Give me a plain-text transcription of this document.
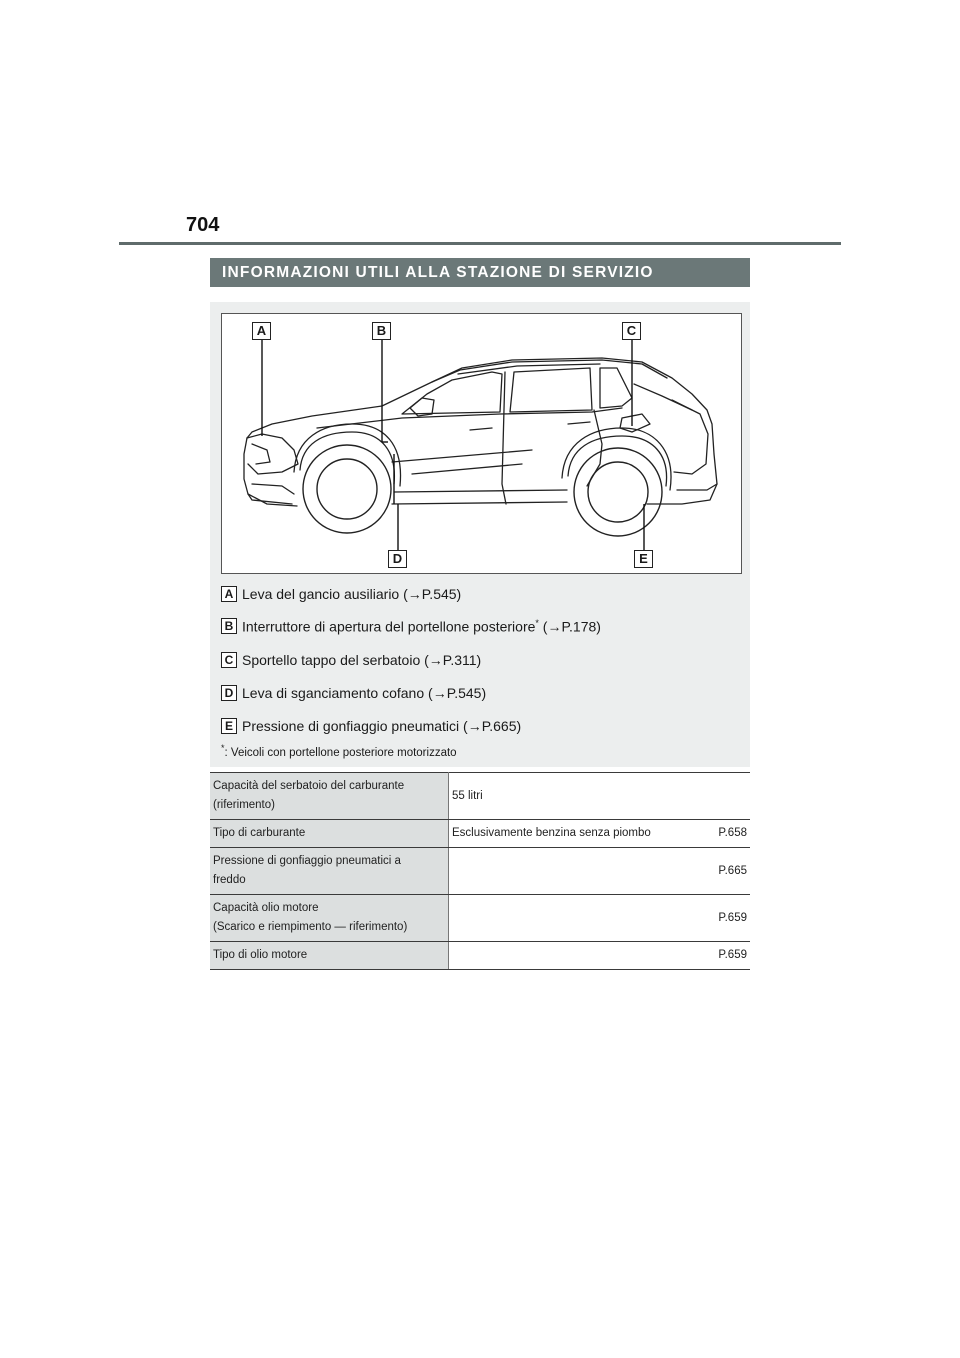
704
INFORMAZIONI UTILI ALLA STAZIONE DI SERVIZIO
A	B	C
D	E
A Leva del gancio ausiliario (→P.545)
B Interruttore di apertura del portellone posteriore* (→P.178)
C Sportello tappo del serbatoio (→P.311)
D Leva di sganciamento cofano (→P.545)
E Pressione di gonfiaggio pneumatici (→P.665)
*: Veicoli con portellone posteriore motorizzato
Capacità del serbatoio del carburante
(riferimento)	55 litri

Tipo di carburante	Esclusivamente benzina senza piombo P.658

Pressione di gonfiaggio pneumatici a
freddo	P.665

Capacità olio motore
(Scarico e riempimento — riferimento)	P.659

Tipo di olio motore	P.659
